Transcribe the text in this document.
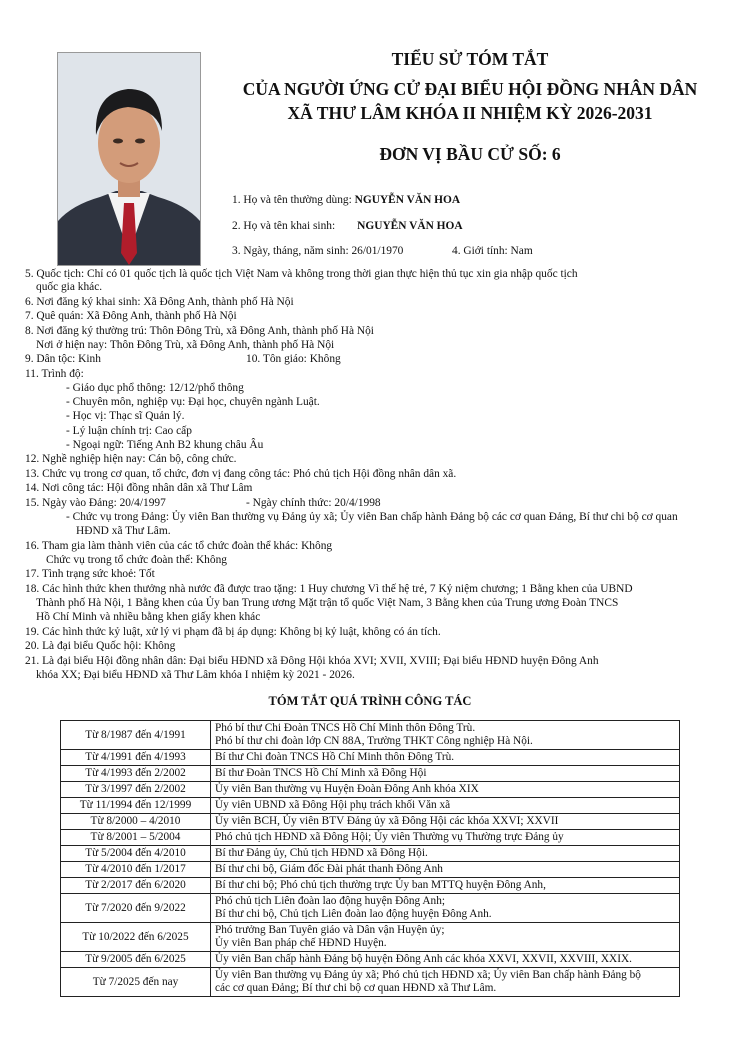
TIỂU SỬ TÓM TẮT
CỦA NGƯỜI ỨNG CỬ ĐẠI BIỂU HỘI ĐỒNG NHÂN DÂN
XÃ THƯ LÂM KHÓA II NHIỆM KỲ 2026-2031
ĐƠN VỊ BẦU CỬ SỐ: 6
1. Họ và tên thường dùng: NGUYỄN VĂN HOA
2. Họ và tên khai sinh: NGUYỄN VĂN HOA
3. Ngày, tháng, năm sinh: 26/01/1970	4. Giới tính: Nam
5. Quốc tịch: Chỉ có 01 quốc tịch là quốc tịch Việt Nam và không trong thời gian thực hiện thủ tục xin gia nhập quốc tịch
quốc gia khác.
6. Nơi đăng ký khai sinh: Xã Đông Anh, thành phố Hà Nội
7. Quê quán: Xã Đông Anh, thành phố Hà Nội
8. Nơi đăng ký thường trú: Thôn Đông Trù, xã Đông Anh, thành phố Hà Nội
Nơi ở hiện nay: Thôn Đông Trù, xã Đông Anh, thành phố Hà Nội
9. Dân tộc: Kinh	10. Tôn giáo: Không
11. Trình độ:
- Giáo dục phổ thông: 12/12/phổ thông
- Chuyên môn, nghiệp vụ: Đại học, chuyên ngành Luật.
- Học vị: Thạc sĩ Quản lý.
- Lý luận chính trị: Cao cấp
- Ngoại ngữ: Tiếng Anh B2 khung châu Âu
12. Nghề nghiệp hiện nay: Cán bộ, công chức.
13. Chức vụ trong cơ quan, tổ chức, đơn vị đang công tác: Phó chủ tịch Hội đồng nhân dân xã.
14. Nơi công tác: Hội đồng nhân dân xã Thư Lâm
15. Ngày vào Đảng: 20/4/1997	- Ngày chính thức: 20/4/1998
- Chức vụ trong Đảng: Ủy viên Ban thường vụ Đảng ủy xã; Ủy viên Ban chấp hành Đảng bộ các cơ quan Đảng, Bí thư chi bộ cơ quan
HĐND xã Thư Lâm.
16. Tham gia làm thành viên của các tổ chức đoàn thể khác: Không
Chức vụ trong tổ chức đoàn thể: Không
17. Tình trạng sức khoẻ: Tốt
18. Các hình thức khen thưởng nhà nước đã được trao tặng: 1 Huy chương Vì thế hệ trẻ, 7 Kỷ niệm chương; 1 Bằng khen của UBND
Thành phố Hà Nội, 1 Bằng khen của Ủy ban Trung ương Mặt trận tổ quốc Việt Nam, 3 Bằng khen của Trung ương Đoàn TNCS
Hồ Chí Minh và nhiều bằng khen giấy khen khác
19. Các hình thức kỷ luật, xử lý vi phạm đã bị áp dụng: Không bị kỷ luật, không có án tích.
20. Là đại biểu Quốc hội: Không
21. Là đại biểu Hội đồng nhân dân: Đại biểu HĐND xã Đông Hội khóa XVI; XVII, XVIII; Đại biểu HĐND huyện Đông Anh
khóa XX; Đại biểu HĐND xã Thư Lâm khóa I nhiệm kỳ 2021 - 2026.
TÓM TẮT QUÁ TRÌNH CÔNG TÁC
Từ 8/1987 đến 4/1991	Phó bí thư Chi Đoàn TNCS Hồ Chí Minh thôn Đông Trù.
Phó bí thư chi đoàn lớp CN 88A, Trường THKT Công nghiệp Hà Nội.

Từ 4/1991 đến 4/1993	Bí thư Chi đoàn TNCS Hồ Chí Minh thôn Đông Trù.

Từ 4/1993 đến 2/2002	Bí thư Đoàn TNCS Hồ Chí Minh xã Đông Hội

Từ 3/1997 đến 2/2002	Ủy viên Ban thường vụ Huyện Đoàn Đông Anh khóa XIX

Từ 11/1994 đến 12/1999	Ủy viên UBND xã Đông Hội phụ trách khối Văn xã

Từ 8/2000 – 4/2010	Ủy viên BCH, Ủy viên BTV Đảng ủy xã Đông Hội các khóa XXVI; XXVII

Từ 8/2001 – 5/2004	Phó chủ tịch HĐND xã Đông Hội; Ủy viên Thường vụ Thường trực Đảng ủy

Từ 5/2004 đến 4/2010	Bí thư Đảng ủy, Chủ tịch HĐND xã Đông Hội.

Từ 4/2010 đến 1/2017	Bí thư chi bộ, Giám đốc Đài phát thanh Đông Anh

Từ 2/2017 đến 6/2020	Bí thư chi bộ; Phó chủ tịch thường trực Ủy ban MTTQ huyện Đông Anh,

Từ 7/2020 đến 9/2022	Phó chủ tịch Liên đoàn lao động huyện Đông Anh;
Bí thư chi bộ, Chủ tịch Liên đoàn lao động huyện Đông Anh.

Từ 10/2022 đến 6/2025	Phó trưởng Ban Tuyên giáo và Dân vận Huyện ủy;
Ủy viên Ban pháp chế HĐND Huyện.

Từ 9/2005 đến 6/2025	Ủy viên Ban chấp hành Đảng bộ huyện Đông Anh các khóa XXVI, XXVII, XXVIII, XXIX.

Từ 7/2025 đến nay	Ủy viên Ban thường vụ Đảng ủy xã; Phó chủ tịch HĐND xã; Ủy viên Ban chấp hành Đảng bộ
các cơ quan Đảng; Bí thư chi bộ cơ quan HĐND xã Thư Lâm.
